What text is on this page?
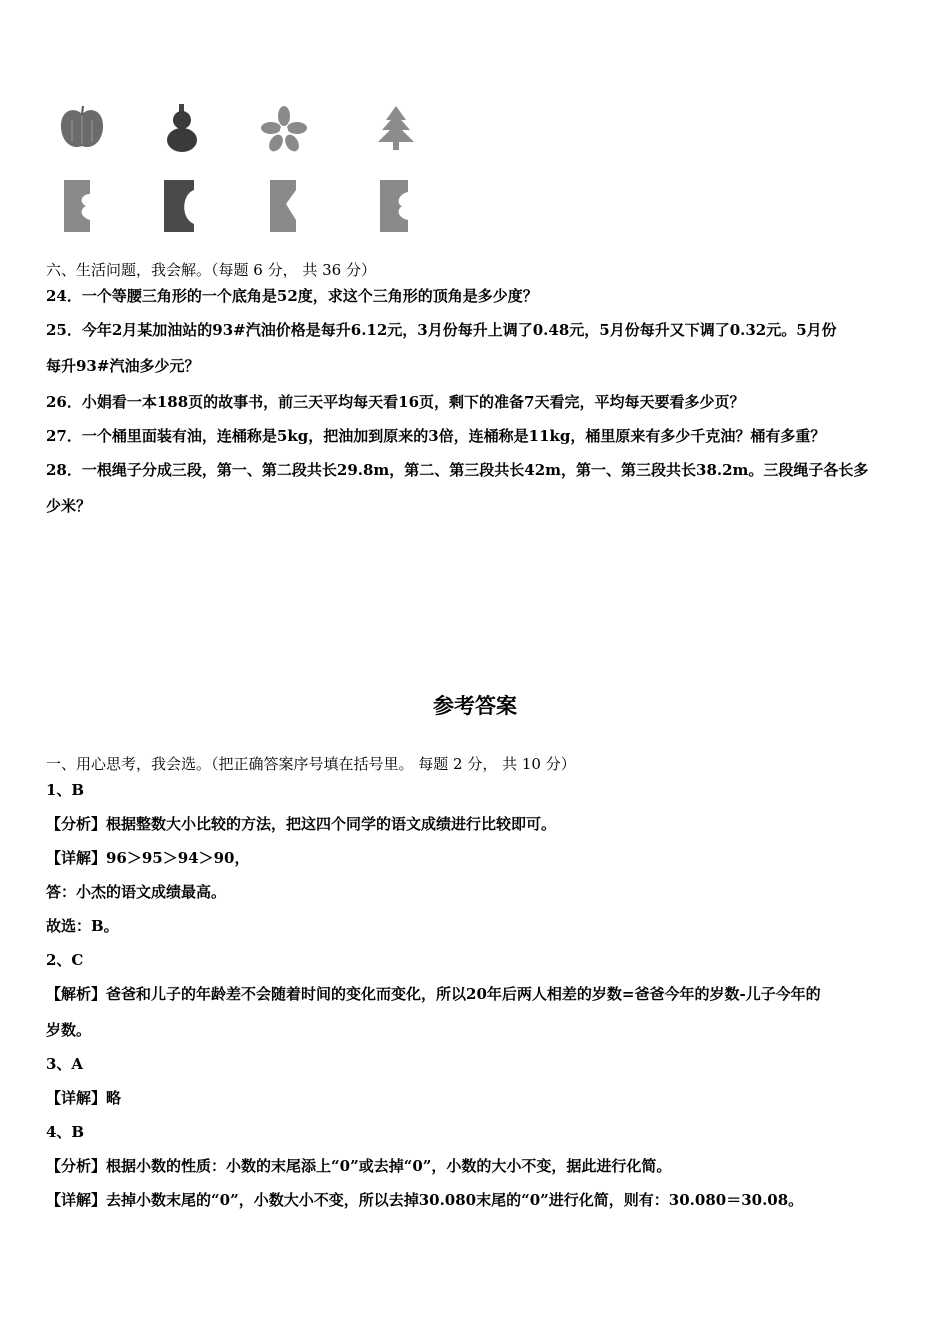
六、生活问题，我会解。（每题 6 分， 共 36 分）
24．一个等腰三角形的一个底角是52度，求这个三角形的顶角是多少度？
25．今年2月某加油站的93#汽油价格是每升6.12元，3月份每升上调了0.48元，5月份每升又下调了0.32元。5月份
每升93#汽油多少元？
26．小娟看一本188页的故事书，前三天平均每天看16页，剩下的准备7天看完，平均每天要看多少页？
27．一个桶里面装有油，连桶称是5kg，把油加到原来的3倍，连桶称是11kg，桶里原来有多少千克油？桶有多重？
28．一根绳子分成三段，第一、第二段共长29.8m，第二、第三段共长42m，第一、第三段共长38.2m。三段绳子各长多
少米？
参考答案
一、用心思考，我会选。（把正确答案序号填在括号里。 每题 2 分， 共 10 分）
1、B
【分析】根据整数大小比较的方法，把这四个同学的语文成绩进行比较即可。
【详解】96＞95＞94＞90，
答：小杰的语文成绩最高。
故选：B。
2、C
【解析】爸爸和儿子的年龄差不会随着时间的变化而变化，所以20年后两人相差的岁数=爸爸今年的岁数-儿子今年的
岁数。
3、A
【详解】略
4、B
【分析】根据小数的性质：小数的末尾添上“0”或去掉“0”，小数的大小不变，据此进行化简。
【详解】去掉小数末尾的“0”，小数大小不变，所以去掉30.080末尾的“0”进行化简，则有：30.080＝30.08。
